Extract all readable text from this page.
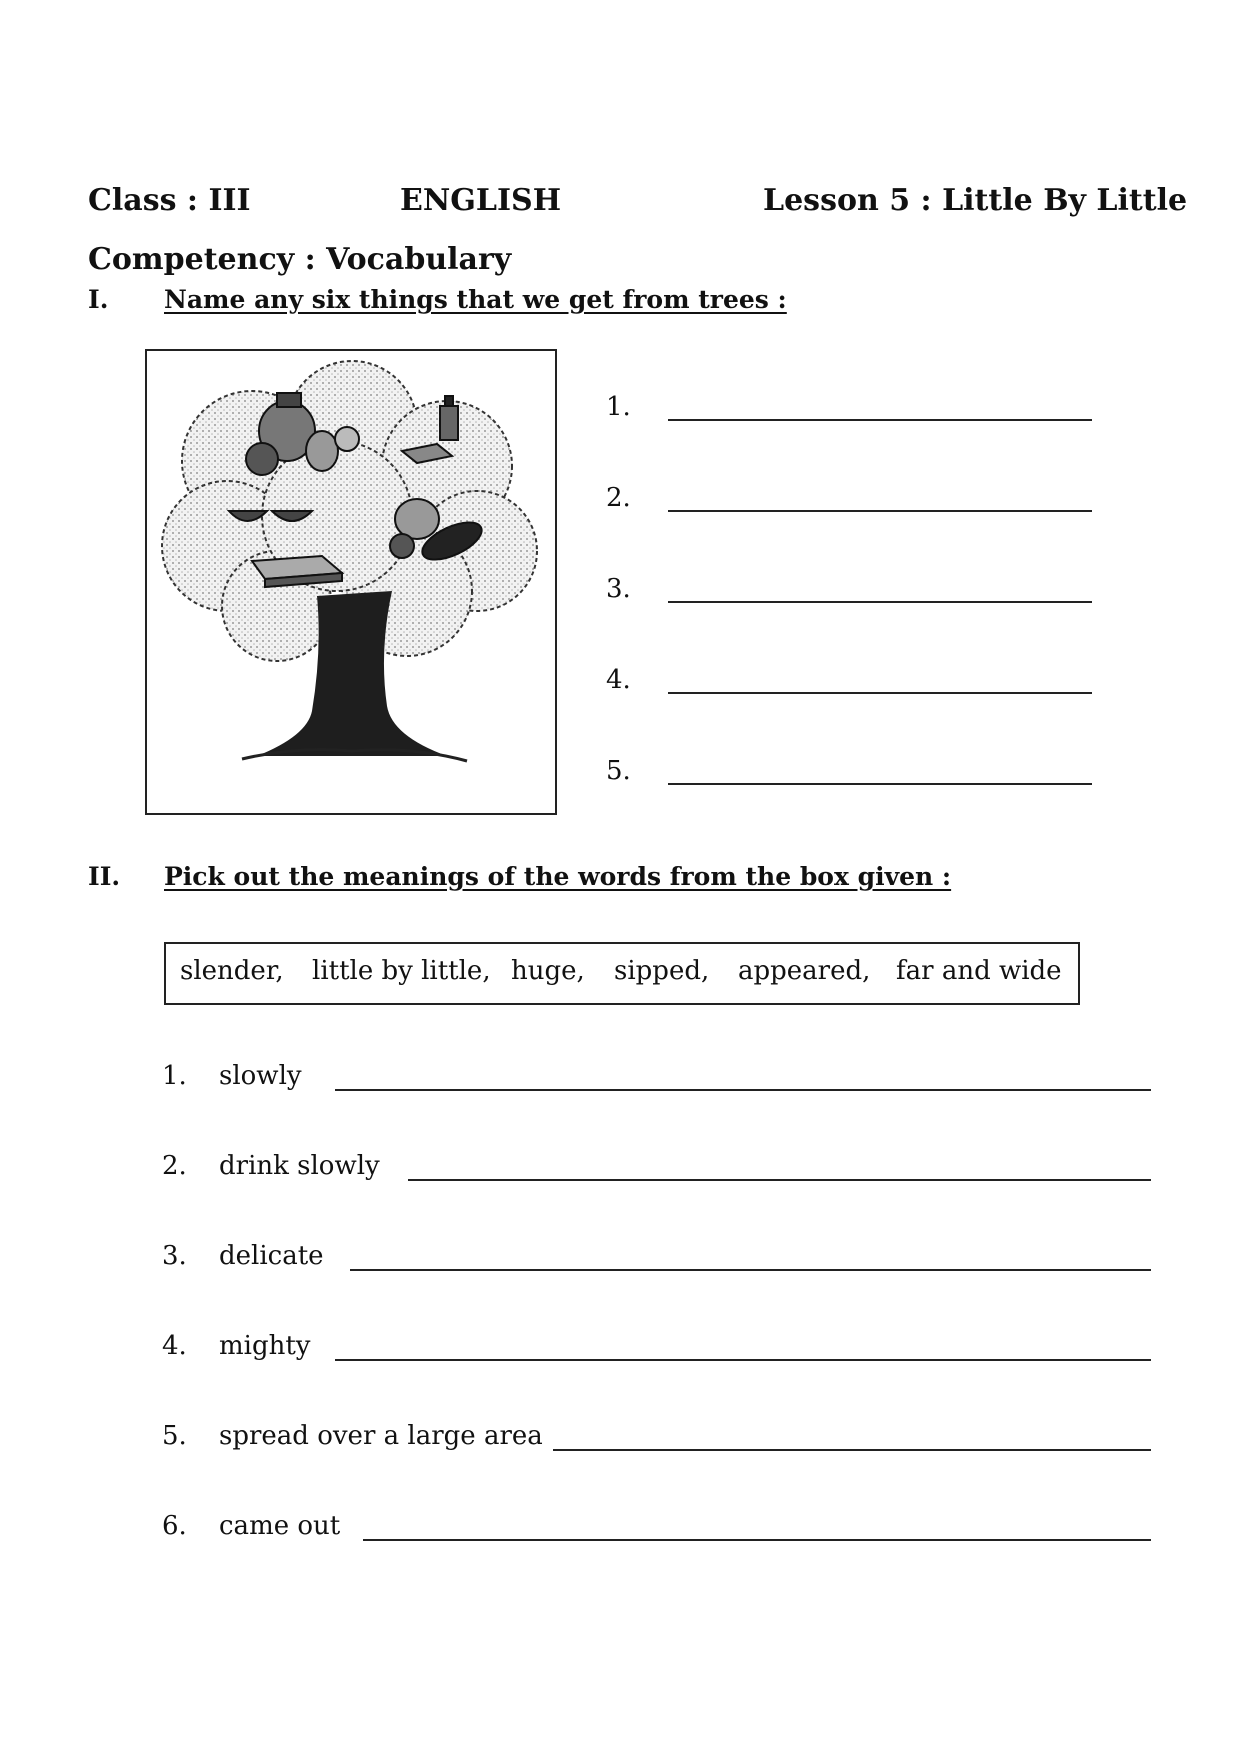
Class : III	ENGLISH	Lesson 5 : Little By Little
Competency : Vocabulary
I. Name any six things that we get from trees :
1.
2.
3.
4.
5.
II. Pick out the meanings of the words from the box given :
slender, little by little, huge, sipped, appeared, far and wide
1. slowly
2. drink slowly
3. delicate
4. mighty
5. spread over a large area
6. came out
